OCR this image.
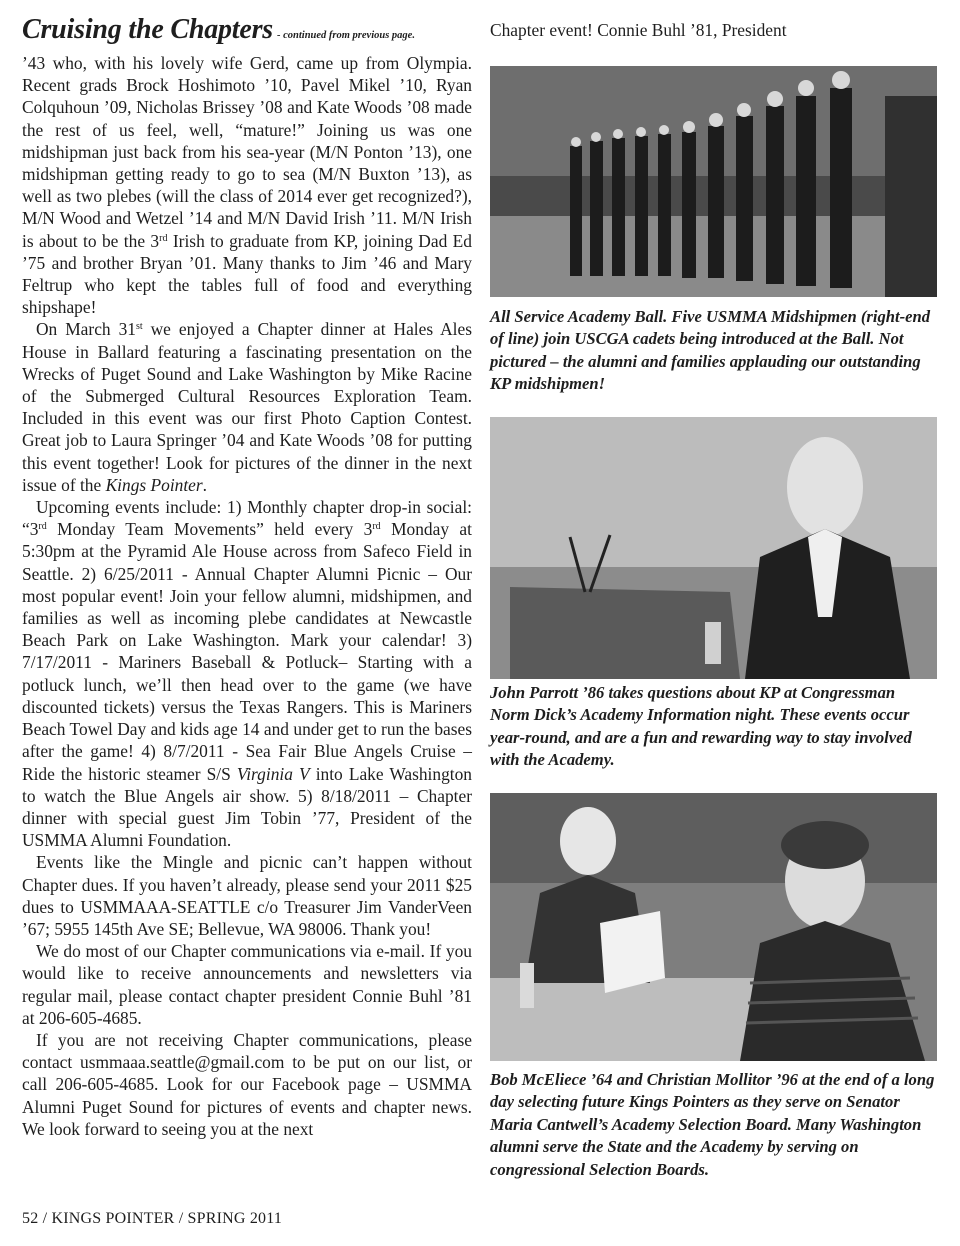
Cruising the Chapters - continued from previous page.

’43 who, with his lovely wife Gerd, came up from Olympia. Recent grads Brock Hoshimoto ’10, Pavel Mikel ’10, Ryan Colquhoun ’09, Nicholas Brissey ’08 and Kate Woods ’08 made the rest of us feel, well, “mature!” Joining us was one midshipman just back from his sea-year (M/N Ponton ’13), one midshipman getting ready to go to sea (M/N Buxton ’13), as well as two plebes (will the class of 2014 ever get recognized?), M/N Wood and Wetzel ’14 and M/N David Irish ’11. M/N Irish is about to be the 3rd Irish to graduate from KP, joining Dad Ed ’75 and brother Bryan ’01. Many thanks to Jim ’46 and Mary Feltrup who kept the tables full of food and everything shipshape!

On March 31st we enjoyed a Chapter dinner at Hales Ales House in Ballard featuring a fascinating presentation on the Wrecks of Puget Sound and Lake Washington by Mike Racine of the Submerged Cultural Resources Exploration Team. Included in this event was our first Photo Caption Contest. Great job to Laura Springer ’04 and Kate Woods ’08 for putting this event together! Look for pictures of the dinner in the next issue of the Kings Pointer.

Upcoming events include: 1) Monthly chapter drop-in social: “3rd Monday Team Movements” held every 3rd Monday at 5:30pm at the Pyramid Ale House across from Safeco Field in Seattle. 2) 6/25/2011 - Annual Chapter Alumni Picnic – Our most popular event! Join your fellow alumni, midshipmen, and families as well as incoming plebe candidates at Newcastle Beach Park on Lake Washington. Mark your calendar! 3) 7/17/2011 - Mariners Baseball & Potluck– Starting with a potluck lunch, we’ll then head over to the game (we have discounted tickets) versus the Texas Rangers. This is Mariners Beach Towel Day and kids age 14 and under get to run the bases after the game! 4) 8/7/2011 - Sea Fair Blue Angels Cruise – Ride the historic steamer S/S Virginia V into Lake Washington to watch the Blue Angels air show. 5) 8/18/2011 – Chapter dinner with special guest Jim Tobin ’77, President of the USMMA Alumni Foundation.

Events like the Mingle and picnic can’t happen without Chapter dues. If you haven’t already, please send your 2011 $25 dues to USMMAAA-SEATTLE c/o Treasurer Jim VanderVeen ’67; 5955 145th Ave SE; Bellevue, WA 98006. Thank you!

We do most of our Chapter communications via e-mail. If you would like to receive announcements and newsletters via regular mail, please contact chapter president Connie Buhl ’81 at 206-605-4685.

If you are not receiving Chapter communications, please contact usmmaaa.seattle@gmail.com to be put on our list, or call 206-605-4685. Look for our Facebook page – USMMA Alumni Puget Sound for pictures of events and chapter news. We look forward to seeing you at the next

Chapter event! Connie Buhl ’81, President

All Service Academy Ball. Five USMMA Midshipmen (right-end of line) join USCGA cadets being introduced at the Ball. Not pictured – the alumni and families applauding our outstanding KP midshipmen!

John Parrott ’86 takes questions about KP at Congressman Norm Dick’s Academy Information night. These events occur year-round, and are a fun and rewarding way to stay involved with the Academy.

Bob McEliece ’64 and Christian Mollitor ’96 at the end of a long day selecting future Kings Pointers as they serve on Senator Maria Cantwell’s Academy Selection Board. Many Washington alumni serve the State and the Academy by serving on congressional Selection Boards.

52 / KINGS POINTER / SPRING 2011
